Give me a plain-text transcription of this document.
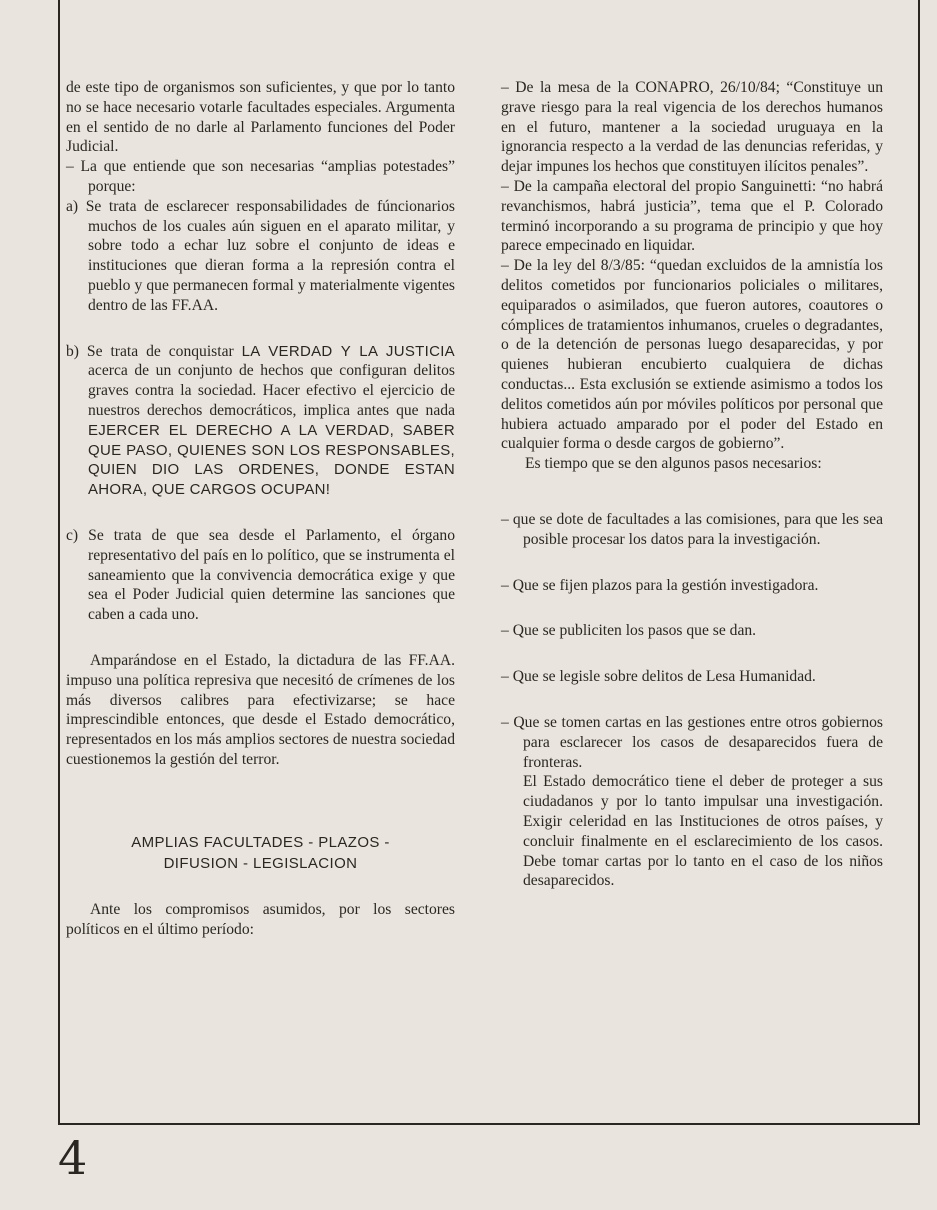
de este tipo de organismos son suficientes, y que por lo tanto no se hace necesario votarle facultades especiales. Argumenta en el sentido de no darle al Parlamento funciones del Poder Judicial.

– La que entiende que son necesarias “amplias potestades” porque:

a) Se trata de esclarecer responsabilidades de fúncionarios muchos de los cuales aún siguen en el aparato militar, y sobre todo a echar luz sobre el conjunto de ideas e instituciones que dieran forma a la represión contra el pueblo y que permanecen formal y materialmente vigentes dentro de las FF.AA.

b) Se trata de conquistar LA VERDAD Y LA JUSTICIA acerca de un conjunto de hechos que configuran delitos graves contra la sociedad. Hacer efectivo el ejercicio de nuestros derechos democráticos, implica antes que nada EJERCER EL DERECHO A LA VERDAD, SABER QUE PASO, QUIENES SON LOS RESPONSABLES, QUIEN DIO LAS ORDENES, DONDE ESTAN AHORA, QUE CARGOS OCUPAN!

c) Se trata de que sea desde el Parlamento, el órgano representativo del país en lo político, que se instrumenta el saneamiento que la convivencia democrática exige y que sea el Poder Judicial quien determine las sanciones que caben a cada uno.

Amparándose en el Estado, la dictadura de las FF.AA. impuso una política represiva que necesitó de crímenes de los más diversos calibres para efectivizarse; se hace imprescindible entonces, que desde el Estado democrático, representados en los más amplios sectores de nuestra sociedad cuestionemos la gestión del terror.

AMPLIAS FACULTADES - PLAZOS -

DIFUSION - LEGISLACION

Ante los compromisos asumidos, por los sectores políticos en el último período:

– De la mesa de la CONAPRO, 26/10/84; “Constituye un grave riesgo para la real vigencia de los derechos humanos en el futuro, mantener a la sociedad uruguaya en la ignorancia respecto a la verdad de las denuncias referidas, y dejar impunes los hechos que constituyen ilícitos penales”.

– De la campaña electoral del propio Sanguinetti: “no habrá revanchismos, habrá justicia”, tema que el P. Colorado terminó incorporando a su programa de principio y que hoy parece empecinado en liquidar.

– De la ley del 8/3/85: “quedan excluidos de la amnistía los delitos cometidos por funcionarios policiales o militares, equiparados o asimilados, que fueron autores, coautores o cómplices de tratamientos inhumanos, crueles o degradantes, o de la detención de personas luego desaparecidas, y por quienes hubieran encubierto cualquiera de dichas conductas... Esta exclusión se extiende asimismo a todos los delitos cometidos aún por móviles políticos por personal que hubiera actuado amparado por el poder del Estado en cualquier forma o desde cargos de gobierno”.

Es tiempo que se den algunos pasos necesarios:

– que se dote de facultades a las comisiones, para que les sea posible procesar los datos para la investigación.

– Que se fijen plazos para la gestión investigadora.

– Que se publiciten los pasos que se dan.

– Que se legisle sobre delitos de Lesa Humanidad.

– Que se tomen cartas en las gestiones entre otros gobiernos para esclarecer los casos de desaparecidos fuera de fronteras.

El Estado democrático tiene el deber de proteger a sus ciudadanos y por lo tanto impulsar una investigación. Exigir celeridad en las Instituciones de otros países, y concluir finalmente en el esclarecimiento de los casos. Debe tomar cartas por lo tanto en el caso de los niños desaparecidos.

4
